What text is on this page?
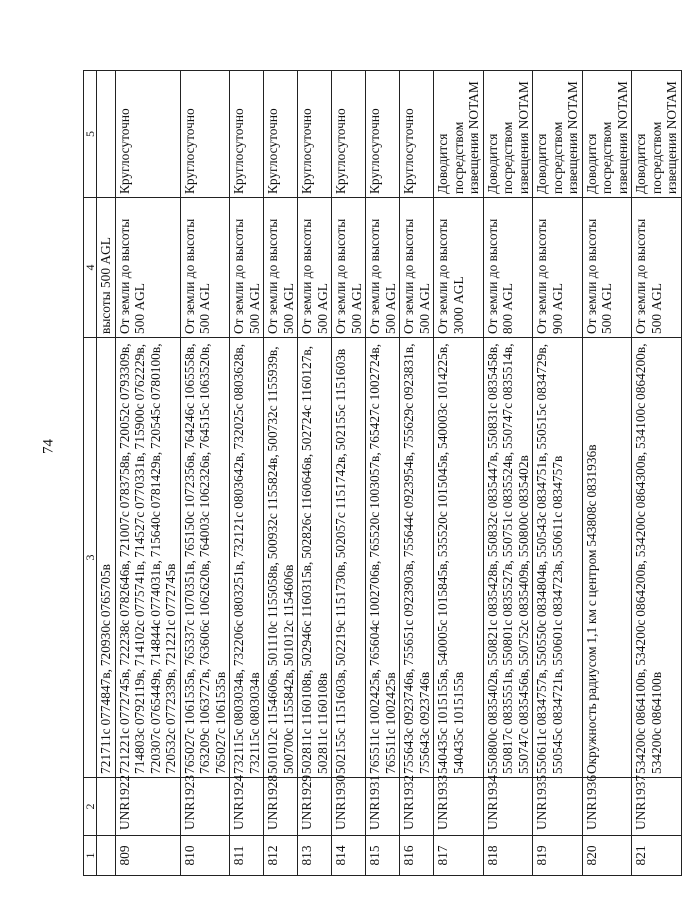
74
1	2	3	4	5
		721711c 0774847в, 720930c 0765705в	высоты 500 AGL	
809	UNR1922	721221c 0772745в, 722238c 0782646в, 721007c 0783758в, 720052c 0793309в, 714803c 0792119в, 714102c 0775741в, 714527c 0770331в, 715900c 0762229в, 720307c 0765449в, 714844c 0774031в, 715640c 0781429в, 720545c 0780100в, 720532c 0772339в, 721221c 0772745в	От земли до высоты 500 AGL	Круглосуточно
810	UNR1923	765027c 1061535в, 765337c 1070351в, 765150c 1072356в, 764246c 1065558в, 763209c 1063727в, 763606c 1062620в, 764003c 1062326в, 764515c 1063520в, 765027c 1061535в	От земли до высоты 500 AGL	Круглосуточно
811	UNR1924	732115c 0803034в, 732206c 0803251в, 732121c 0803642в, 732025c 0803628в, 732115c 0803034в	От земли до высоты 500 AGL	Круглосуточно
812	UNR1928	501012c 1154606в, 501110c 1155058в, 500932c 1155824в, 500732c 1155939в, 500700c 1155842в, 501012c 1154606в	От земли до высоты 500 AGL	Круглосуточно
813	UNR1929	502811c 1160108в, 502946c 1160315в, 502826c 1160646в, 502724c 1160127в, 502811c 1160108в	От земли до высоты 500 AGL	Круглосуточно
814	UNR1930	502155c 1151603в, 502219c 1151730в, 502057c 1151742в, 502155c 1151603в	От земли до высоты 500 AGL	Круглосуточно
815	UNR1931	765511c 1002425в, 765604c 1002706в, 765520c 1003057в, 765427c 1002724в, 765511c 1002425в	От земли до высоты 500 AGL	Круглосуточно
816	UNR1932	755643c 0923746в, 755651c 0923903в, 755644c 0923954в, 755629c 0923831в, 755643c 0923746в	От земли до высоты 500 AGL	Круглосуточно
817	UNR1933	540435c 1015155в, 540005c 1015845в, 535520c 1015045в, 540003c 1014225в, 540435c 1015155в	От земли до высоты 3000 AGL	Доводится посредством извещения NOTAM
818	UNR1934	550800c 0835402в, 550821c 0835428в, 550832c 0835447в, 550831c 0835458в, 550817c 0835551в, 550801c 0835527в, 550751c 0835524в, 550747c 0835514в, 550747c 0835456в, 550752c 0835409в, 550800c 0835402в	От земли до высоты 800 AGL	Доводится посредством извещения NOTAM
819	UNR1935	550611c 0834757в, 550550c 0834804в, 550543c 0834751в, 550515c 0834729в, 550545c 0834721в, 550601c 0834723в, 550611c 0834757в	От земли до высоты 900 AGL	Доводится посредством извещения NOTAM
820	UNR1936	Окружность радиусом 1,1 км с центром 543808c 0831936в	От земли до высоты 500 AGL	Доводится посредством извещения NOTAM
821	UNR1937	534200c 0864100в, 534200c 0864200в, 534200c 0864300в, 534100c 0864200в, 534200c 0864100в	От земли до высоты 500 AGL	Доводится посредством извещения NOTAM
